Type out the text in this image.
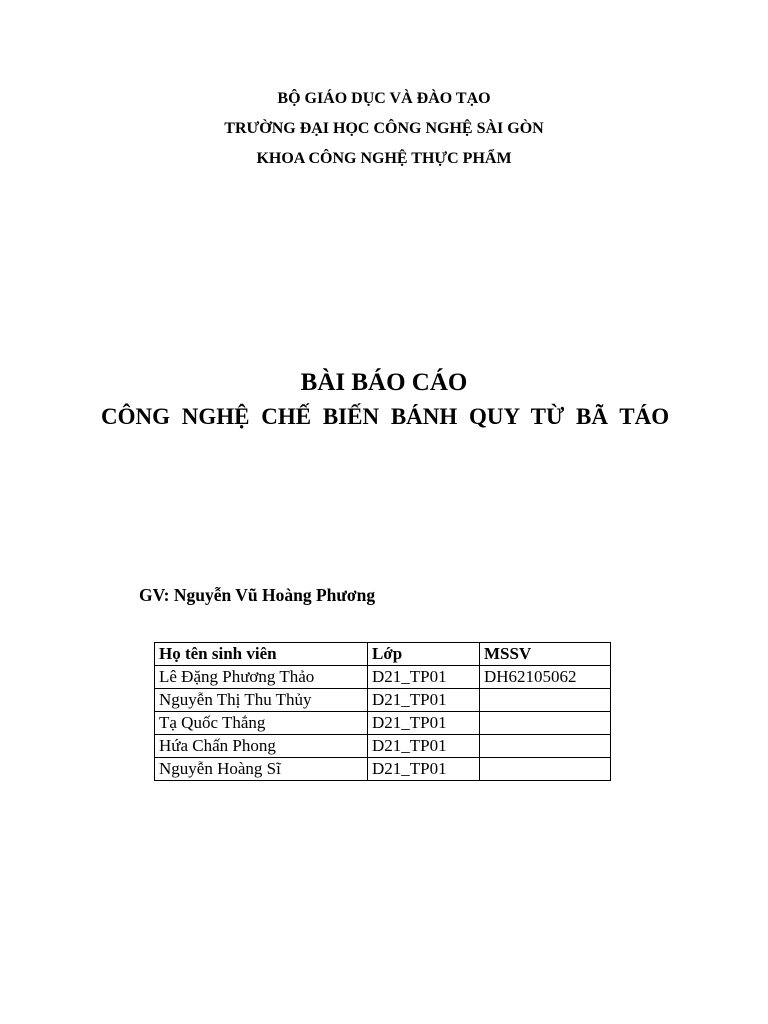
BỘ GIÁO DỤC VÀ ĐÀO TẠO
TRƯỜNG ĐẠI HỌC CÔNG NGHỆ SÀI GÒN
KHOA CÔNG NGHỆ THỰC PHẨM
BÀI BÁO CÁO
CÔNG NGHỆ CHẾ BIẾN BÁNH QUY TỪ BÃ TÁO
GV: Nguyễn Vũ Hoàng Phương
Họ tên sinh viên	Lớp	MSSV
Lê Đặng Phương Thảo	D21_TP01	DH62105062
Nguyễn Thị Thu Thủy	D21_TP01	
Tạ Quốc Thắng	D21_TP01	
Hứa Chấn Phong	D21_TP01	
Nguyễn Hoàng Sĩ	D21_TP01	
